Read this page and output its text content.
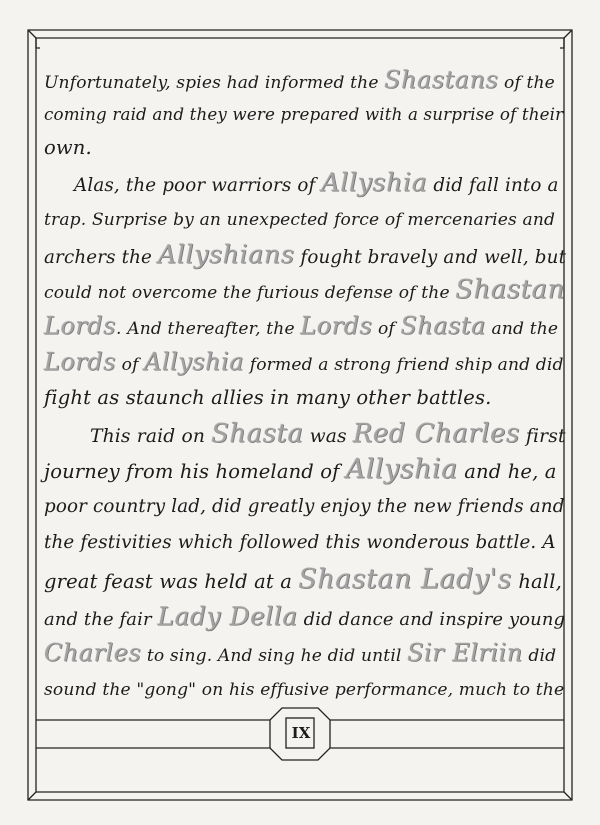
Unfortunately, spies had informed the Shastans of the
coming raid and they were prepared with a surprise of their
own.
Alas, the poor warriors of Allyshia did fall into a
trap. Surprise by an unexpected force of mercenaries and
archers the Allyshians fought bravely and well, but
could not overcome the furious defense of the Shastan
Lords. And thereafter, the Lords of Shasta and the
Lords of Allyshia formed a strong friend ship and did
fight as staunch allies in many other battles.
This raid on Shasta was Red Charles first
journey from his homeland of Allyshia and he, a
poor country lad, did greatly enjoy the new friends and
the festivities which followed this wonderous battle. A
great feast was held at a Shastan Lady's hall,
and the fair Lady Della did dance and inspire young
Charles to sing. And sing he did until Sir Elriin did
sound the "gong" on his effusive performance, much to the
IX
